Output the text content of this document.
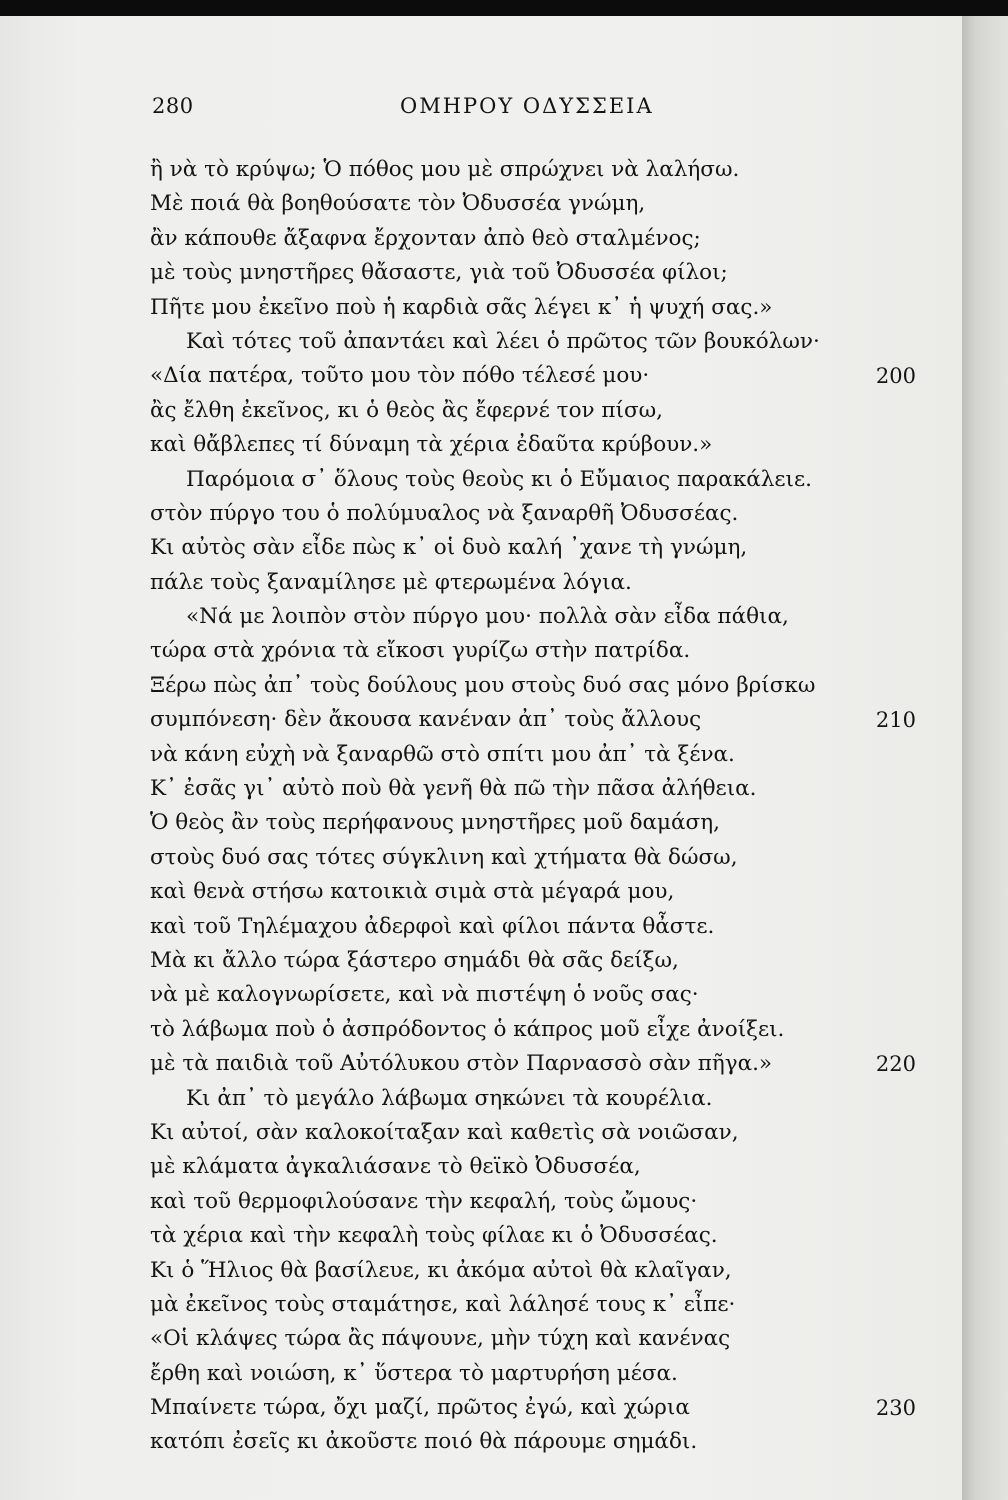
280	ΟΜΗΡΟΥ ΟΔΥΣΣΕΙΑ
ἢ νὰ τὸ κρύψω; Ὁ πόθος μου μὲ σπρώχνει νὰ λαλήσω.
Μὲ ποιά θὰ βοηθούσατε τὸν Ὀδυσσέα γνώμη,
ἂν κάπουθε ἄξαφνα ἔρχονταν ἀπὸ θεὸ σταλμένος;
μὲ τοὺς μνηστῆρες θἄσαστε, γιὰ τοῦ Ὀδυσσέα φίλοι;
Πῆτε μου ἐκεῖνο ποὺ ἡ καρδιὰ σᾶς λέγει κ᾽ ἡ ψυχή σας.»
Καὶ τότες τοῦ ἀπαντάει καὶ λέει ὁ πρῶτος τῶν βουκόλων·
«Δία πατέρα, τοῦτο μου τὸν πόθο τέλεσέ μου·	200
ἂς ἔλθη ἐκεῖνος, κι ὁ θεὸς ἂς ἔφερνέ τον πίσω,
καὶ θἄβλεπες τί δύναμη τὰ χέρια ἐδαῦτα κρύβουν.»
Παρόμοια σ᾽ ὅλους τοὺς θεοὺς κι ὁ Εὔμαιος παρακάλειε.
στὸν πύργο του ὁ πολύμυαλος νὰ ξαναρθῆ Ὀδυσσέας.
Κι αὐτὸς σὰν εἶδε πὼς κ᾽ οἱ δυὸ καλή ᾽χανε τὴ γνώμη,
πάλε τοὺς ξαναμίλησε μὲ φτερωμένα λόγια.
«Νά με λοιπὸν στὸν πύργο μου· πολλὰ σὰν εἶδα πάθια,
τώρα στὰ χρόνια τὰ εἴκοσι γυρίζω στὴν πατρίδα.
Ξέρω πὼς ἀπ᾽ τοὺς δούλους μου στοὺς δυό σας μόνο βρίσκω
συμπόνεση· δὲν ἄκουσα κανέναν ἀπ᾽ τοὺς ἄλλους	210
νὰ κάνη εὐχὴ νὰ ξαναρθῶ στὸ σπίτι μου ἀπ᾽ τὰ ξένα.
Κ᾽ ἐσᾶς γι᾽ αὐτὸ ποὺ θὰ γενῆ θὰ πῶ τὴν πᾶσα ἀλήθεια.
Ὁ θεὸς ἂν τοὺς περήφανους μνηστῆρες μοῦ δαμάση,
στοὺς δυό σας τότες σύγκλινη καὶ χτήματα θὰ δώσω,
καὶ θενὰ στήσω κατοικιὰ σιμὰ στὰ μέγαρά μου,
καὶ τοῦ Τηλέμαχου ἀδερφοὶ καὶ φίλοι πάντα θἆστε.
Μὰ κι ἄλλο τώρα ξάστερο σημάδι θὰ σᾶς δείξω,
νὰ μὲ καλογνωρίσετε, καὶ νὰ πιστέψη ὁ νοῦς σας·
τὸ λάβωμα ποὺ ὁ ἀσπρόδοντος ὁ κάπρος μοῦ εἶχε ἀνοίξει.
μὲ τὰ παιδιὰ τοῦ Αὐτόλυκου στὸν Παρνασσὸ σὰν πῆγα.»	220
Κι ἀπ᾽ τὸ μεγάλο λάβωμα σηκώνει τὰ κουρέλια.
Κι αὐτοί, σὰν καλοκοίταξαν καὶ καθετὶς σὰ νοιῶσαν,
μὲ κλάματα ἀγκαλιάσανε τὸ θεϊκὸ Ὀδυσσέα,
καὶ τοῦ θερμοφιλούσανε τὴν κεφαλή, τοὺς ὤμους·
τὰ χέρια καὶ τὴν κεφαλὴ τοὺς φίλαε κι ὁ Ὀδυσσέας.
Κι ὁ Ἥλιος θὰ βασίλευε, κι ἀκόμα αὐτοὶ θὰ κλαῖγαν,
μὰ ἐκεῖνος τοὺς σταμάτησε, καὶ λάλησέ τους κ᾽ εἶπε·
«Οἱ κλάψες τώρα ἂς πάψουνε, μὴν τύχη καὶ κανένας
ἔρθη καὶ νοιώση, κ᾽ ὕστερα τὸ μαρτυρήση μέσα.
Μπαίνετε τώρα, ὄχι μαζί, πρῶτος ἐγώ, καὶ χώρια	230
κατόπι ἐσεῖς κι ἀκοῦστε ποιό θὰ πάρουμε σημάδι.
